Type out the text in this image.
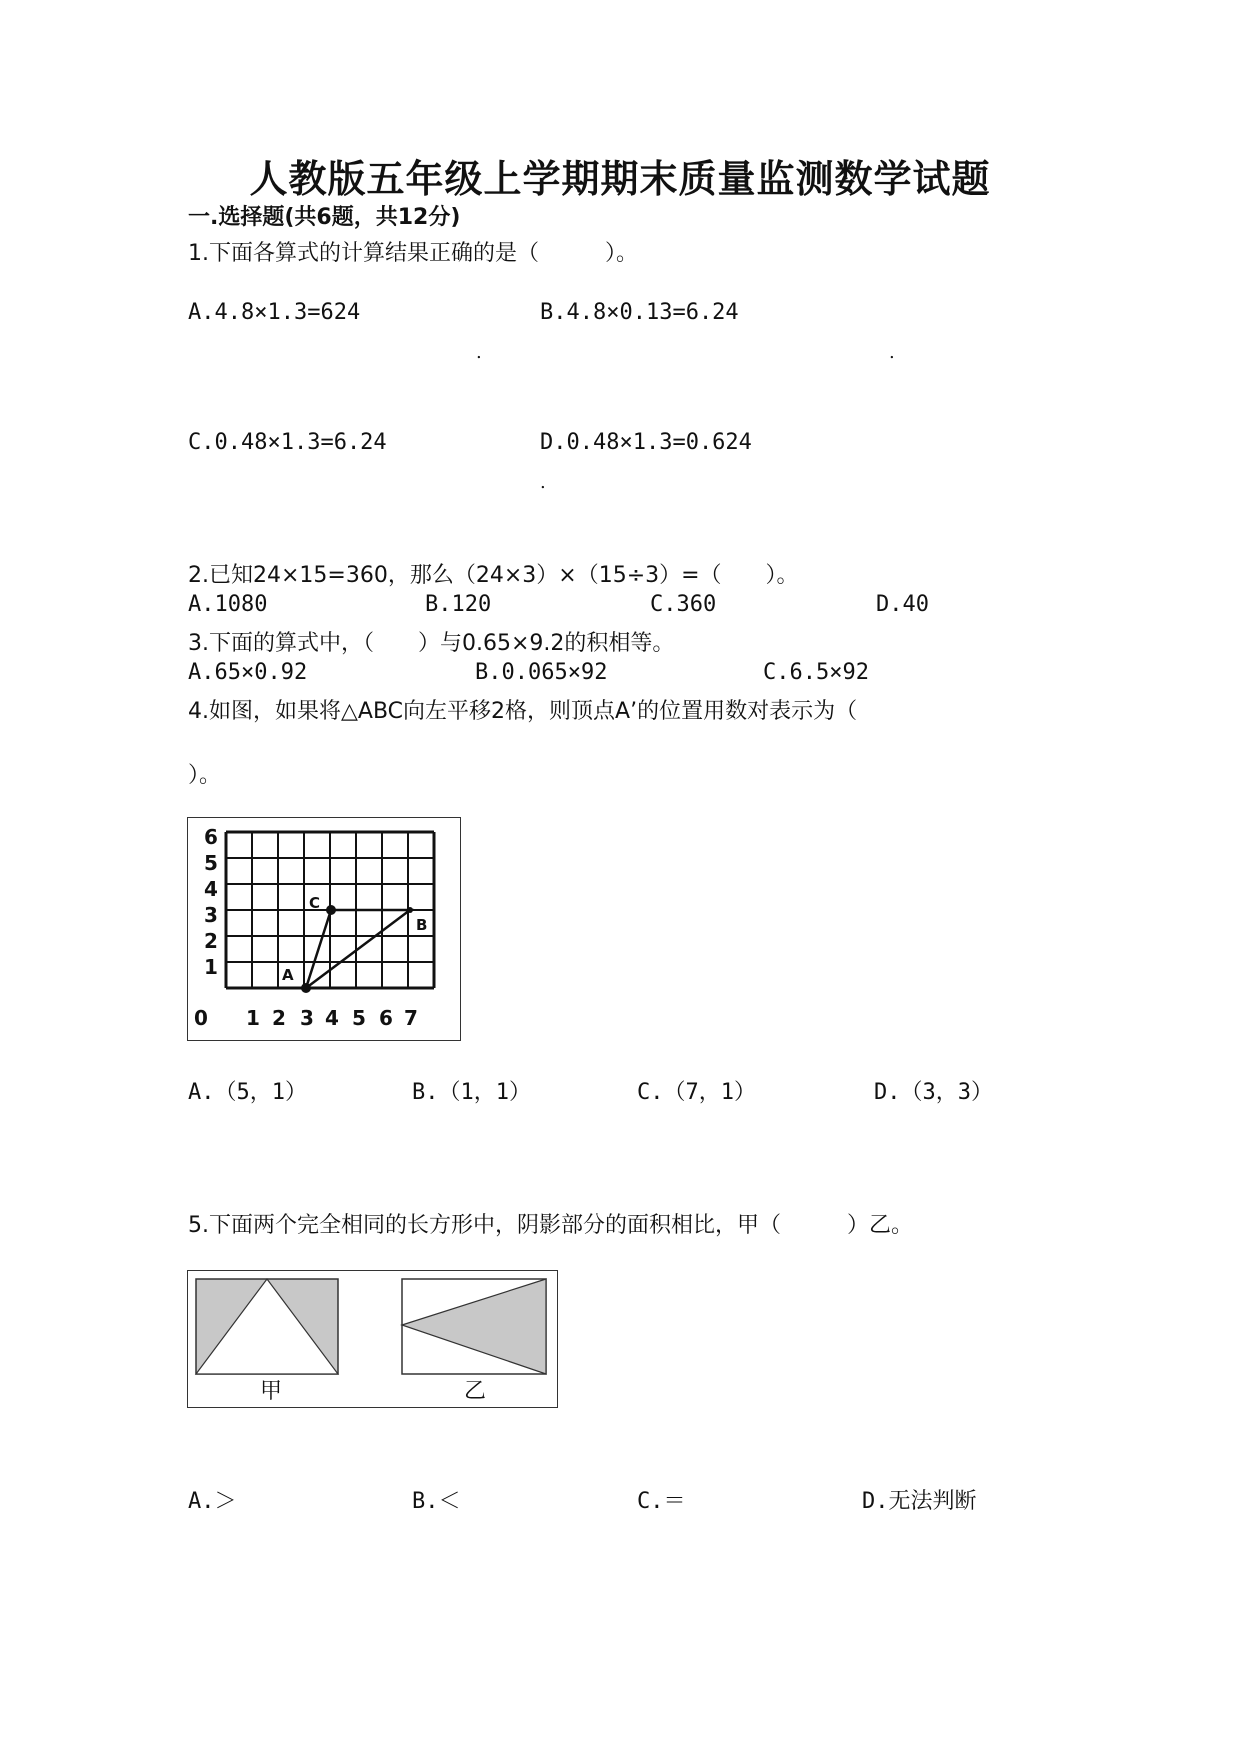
人教版五年级上学期期末质量监测数学试题
一.选择题(共6题，共12分)
1.下面各算式的计算结果正确的是（　　　）。
A.4.8×1.3=624	B.4.8×0.13=6.24
.	.
C.0.48×1.3=6.24	D.0.48×1.3=0.624
.
2.已知24×15=360，那么（24×3）×（15÷3）=（　　）。
A.1080	B.120	C.360	D.40
3.下面的算式中，（　　）与0.65×9.2的积相等。
A.65×0.92	B.0.065×92	C.6.5×92
4.如图，如果将△ABC向左平移2格，则顶点A’的位置用数对表示为（
）。
0 1 2 3 4 5 6 7
1
2
3
4
5
6
A
B
C
A.（5，1）	B.（1，1）	C.（7，1）	D.（3，3）
5.下面两个完全相同的长方形中，阴影部分的面积相比，甲（　　　）乙。
甲	乙
A.＞	B.＜	C.＝	D.无法判断
